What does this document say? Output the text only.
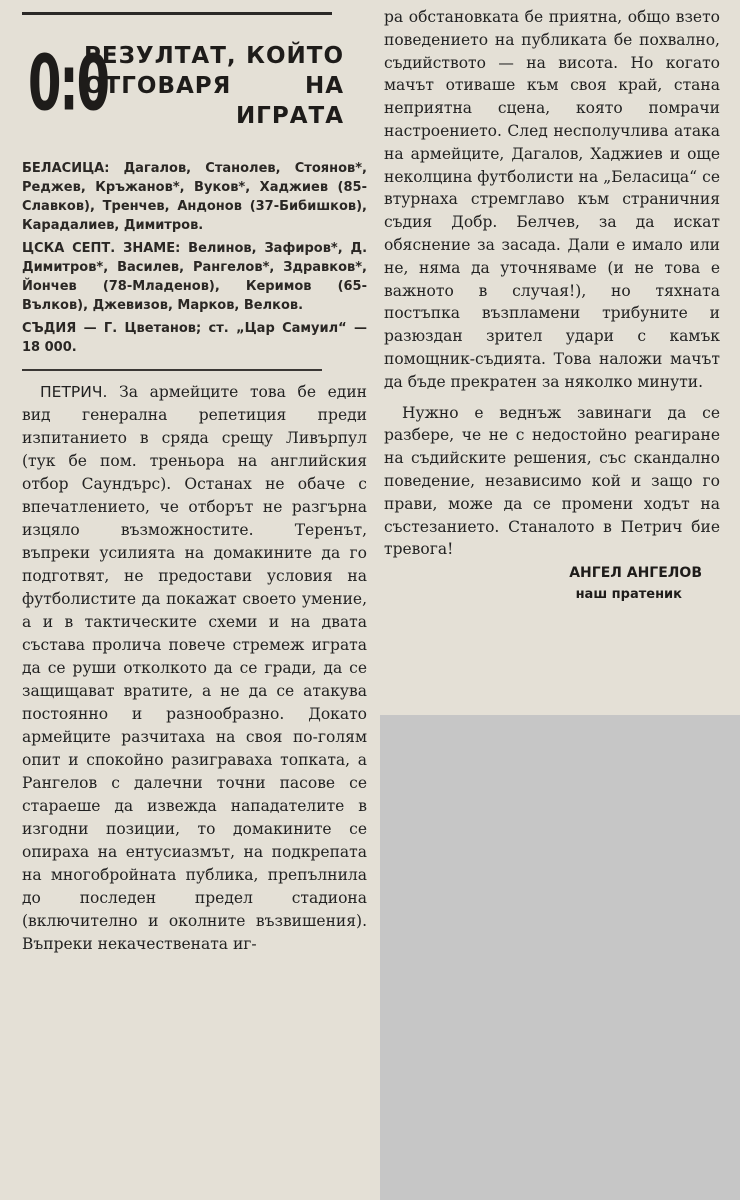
0:0
РЕЗУЛТАТ, КОЙТО ОТГОВАРЯ НА ИГРАТА
БЕЛАСИЦА: Дагалов, Станолев, Стоянов*, Реджев, Кръжанов*, Вуков*, Хаджиев (85-Славков), Тренчев, Андонов (37-Бибишков), Карадалиев, Димитров.
ЦСКА СЕПТ. ЗНАМЕ: Велинов, Зафиров*, Д. Димитров*, Василев, Рангелов*, Здравков*, Йончев (78-Младенов), Керимов (65-Вълков), Джевизов, Марков, Велков.
СЪДИЯ — Г. Цветанов; ст. „Цар Самуил“ — 18 000.

ПЕТРИЧ. За армейците това бе един вид генерална репетиция преди изпитанието в сряда срещу Ливърпул (тук бе пом. треньора на английския отбор Саундърс). Останах не обаче с впечатлението, че отборът не разгърна изцяло възможностите. Теренът, въпреки усилията на домакините да го подготвят, не предостави условия на футболистите да покажат своето умение, а и в тактическите схеми и на двата състава пролича повече стремеж играта да се руши отколкото да се гради, да се защищават вратите, а не да се атакува постоянно и разнообразно. Докато армейците разчитаха на своя по-голям опит и спокойно разиграваха топката, а Рангелов с далечни точни пасове се стараеше да извежда нападателите в изгодни позиции, то домакините се опираха на ентусиазмът, на подкрепата на многобройната публика, препълнила до последен предел стадиона (включително и околните възвишения). Въпреки некачествената иг-

ра обстановката бе приятна, общо взето поведението на публиката бе похвално, съдийството — на висота. Но когато мачът отиваше към своя край, стана неприятна сцена, която помрачи настроението. След несполучлива атака на армейците, Дагалов, Хаджиев и още неколцина футболисти на „Беласица“ се втурнаха стремглаво към страничния съдия Добр. Белчев, за да искат обяснение за засада. Дали е имало или не, няма да уточняваме (и не това е важното в случая!), но тяхната постъпка възпламени трибуните и разюздан зрител удари с камък помощник-съдията. Това наложи мачът да бъде прекратен за няколко минути.

Нужно е веднъж завинаги да се разбере, че не с недостойно реагиране на съдийските решения, със скандално поведение, независимо кой и защо го прави, може да се промени ходът на състезанието. Станалото в Петрич бие тревога!

АНГЕЛ АНГЕЛОВ
наш пратеник
